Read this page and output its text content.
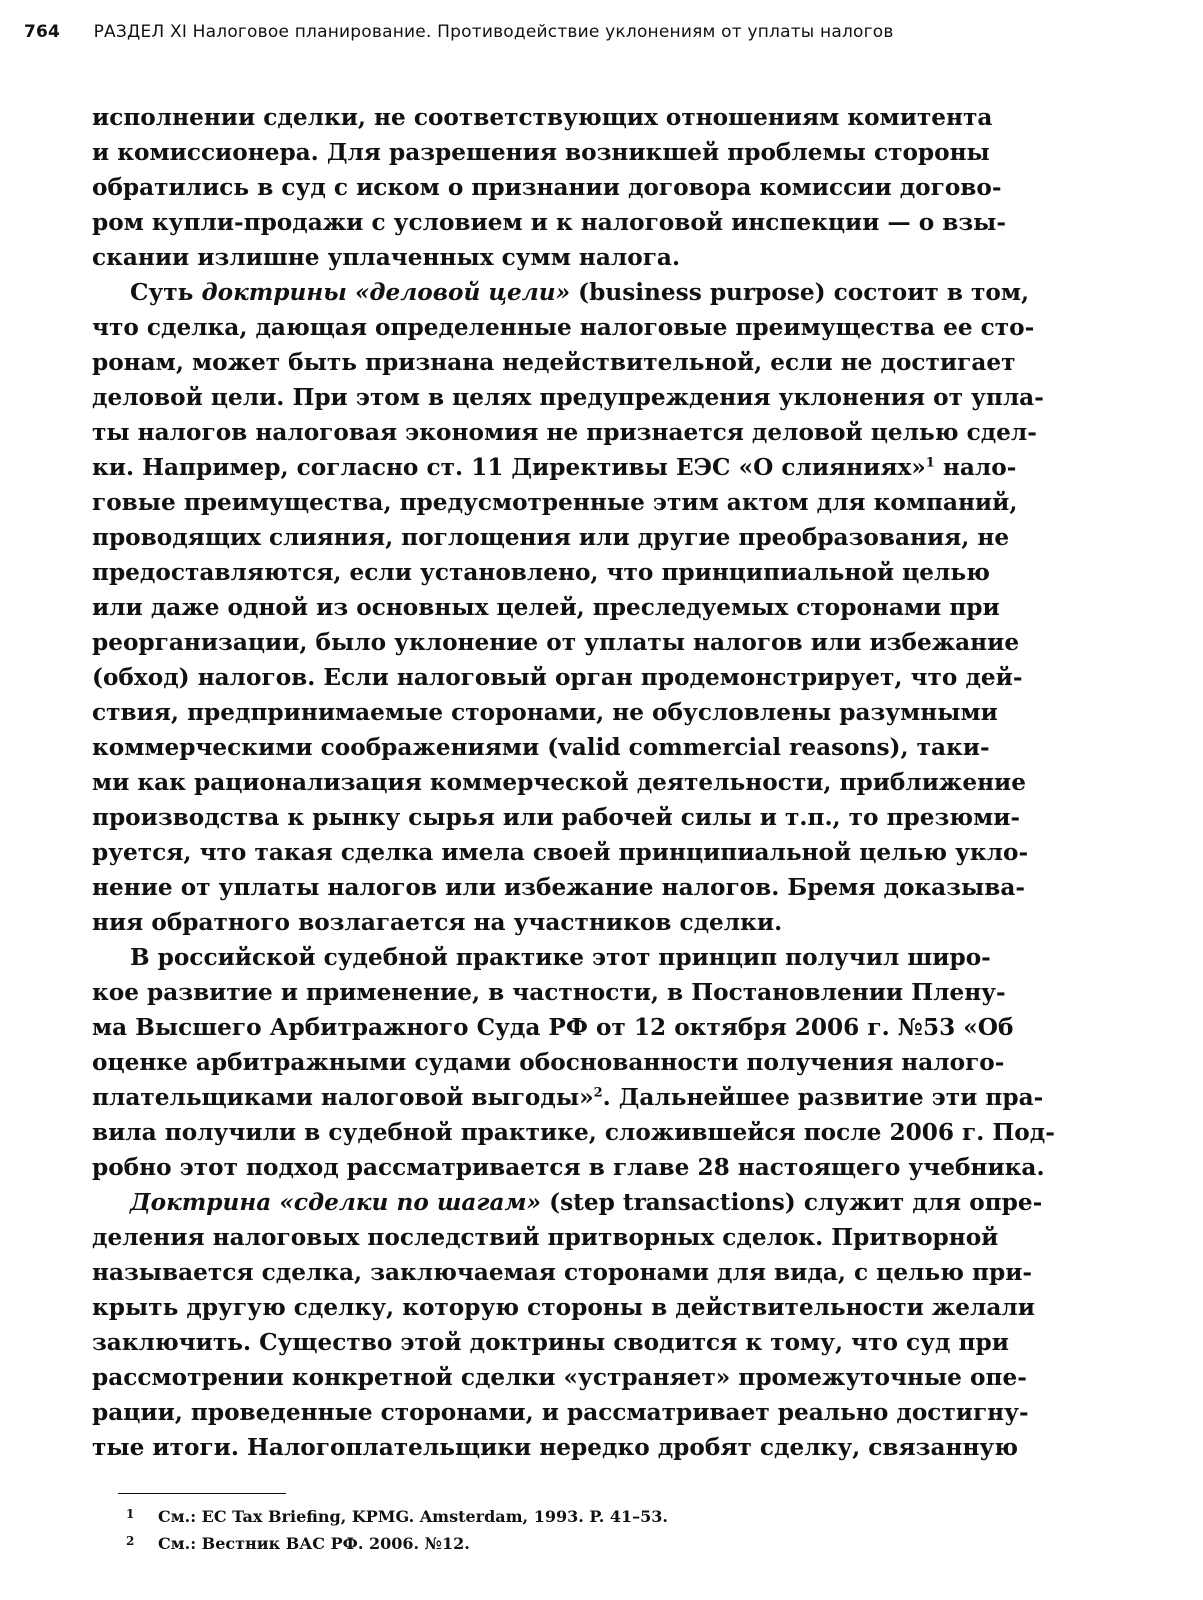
764 РАЗДЕЛ XI Налоговое планирование. Противодействие уклонениям от уплаты налогов
исполнении сделки, не соответствующих отношениям комитента
и комиссионера. Для разрешения возникшей проблемы стороны
обратились в суд с иском о признании договора комиссии догово-
ром купли-продажи с условием и к налоговой инспекции — о взы-
скании излишне уплаченных сумм налога.
Суть доктрины «деловой цели» (business purpose) состоит в том,
что сделка, дающая определенные налоговые преимущества ее сто-
ронам, может быть признана недействительной, если не достигает
деловой цели. При этом в целях предупреждения уклонения от упла-
ты налогов налоговая экономия не признается деловой целью сдел-
ки. Например, согласно ст. 11 Директивы ЕЭС «О слияниях»$^1$ нало-
говые преимущества, предусмотренные этим актом для компаний,
проводящих слияния, поглощения или другие преобразования, не
предоставляются, если установлено, что принципиальной целью
или даже одной из основных целей, преследуемых сторонами при
реорганизации, было уклонение от уплаты налогов или избежание
(обход) налогов. Если налоговый орган продемонстрирует, что дей-
ствия, предпринимаемые сторонами, не обусловлены разумными
коммерческими соображениями (valid commercial reasons), таки-
ми как рационализация коммерческой деятельности, приближение
производства к рынку сырья или рабочей силы и т.п., то презюми-
руется, что такая сделка имела своей принципиальной целью укло-
нение от уплаты налогов или избежание налогов. Бремя доказыва-
ния обратного возлагается на участников сделки.
В российской судебной практике этот принцип получил широ-
кое развитие и применение, в частности, в Постановлении Плену-
ма Высшего Арбитражного Суда РФ от 12 октября 2006 г. №53 «Об
оценке арбитражными судами обоснованности получения налого-
плательщиками налоговой выгоды»$^2$. Дальнейшее развитие эти пра-
вила получили в судебной практике, сложившейся после 2006 г. Под-
робно этот подход рассматривается в главе 28 настоящего учебника.
Доктрина «сделки по шагам» (step transactions) служит для опре-
деления налоговых последствий притворных сделок. Притворной
называется сделка, заключаемая сторонами для вида, с целью при-
крыть другую сделку, которую стороны в действительности желали
заключить. Существо этой доктрины сводится к тому, что суд при
рассмотрении конкретной сделки «устраняет» промежуточные опе-
рации, проведенные сторонами, и рассматривает реально достигну-
тые итоги. Налогоплательщики нередко дробят сделку, связанную
1 См.: EC Tax Briefing, KPMG. Amsterdam, 1993. P. 41–53.
2 См.: Вестник ВАС РФ. 2006. №12.
